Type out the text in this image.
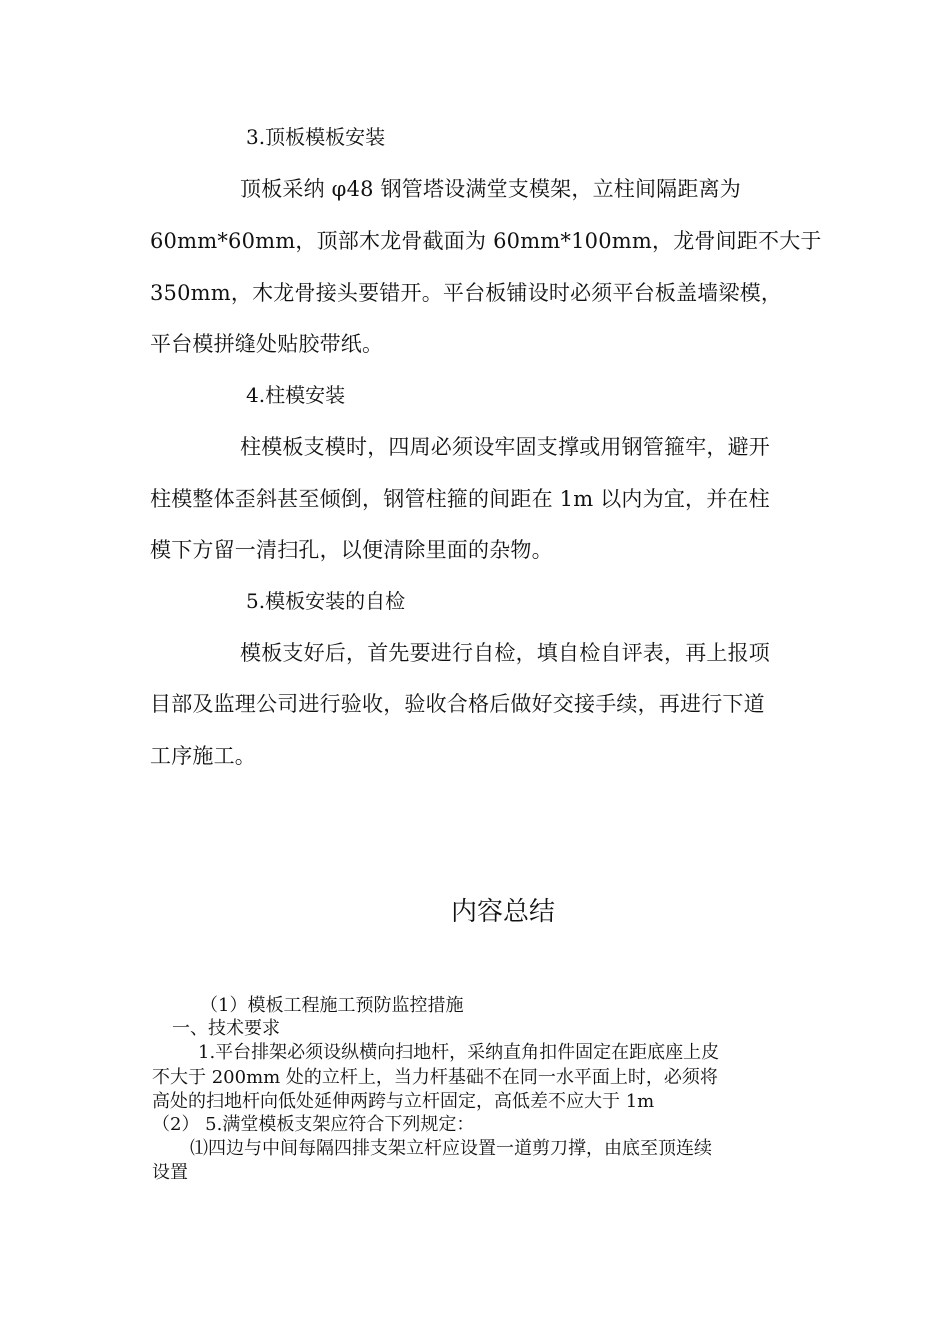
3.顶板模板安装
顶板采纳 φ48 钢管塔设满堂支模架，立柱间隔距离为
60mm*60mm，顶部木龙骨截面为 60mm*100mm，龙骨间距不大于
350mm，木龙骨接头要错开。平台板铺设时必须平台板盖墙梁模，
平台模拼缝处贴胶带纸。
4.柱模安装
柱模板支模时，四周必须设牢固支撑或用钢管箍牢，避开
柱模整体歪斜甚至倾倒，钢管柱箍的间距在 1m 以内为宜，并在柱
模下方留一清扫孔，以便清除里面的杂物。
5.模板安装的自检
模板支好后，首先要进行自检，填自检自评表，再上报项
目部及监理公司进行验收，验收合格后做好交接手续，再进行下道
工序施工。
内容总结
（1）模板工程施工预防监控措施
一、技术要求
1.平台排架必须设纵横向扫地杆，采纳直角扣件固定在距底座上皮
不大于 200mm 处的立杆上，当力杆基础不在同一水平面上时，必须将
高处的扫地杆向低处延伸两跨与立杆固定，高低差不应大于 1m
（2） 5.满堂模板支架应符合下列规定：
⑴四边与中间每隔四排支架立杆应设置一道剪刀撑，由底至顶连续
设置
